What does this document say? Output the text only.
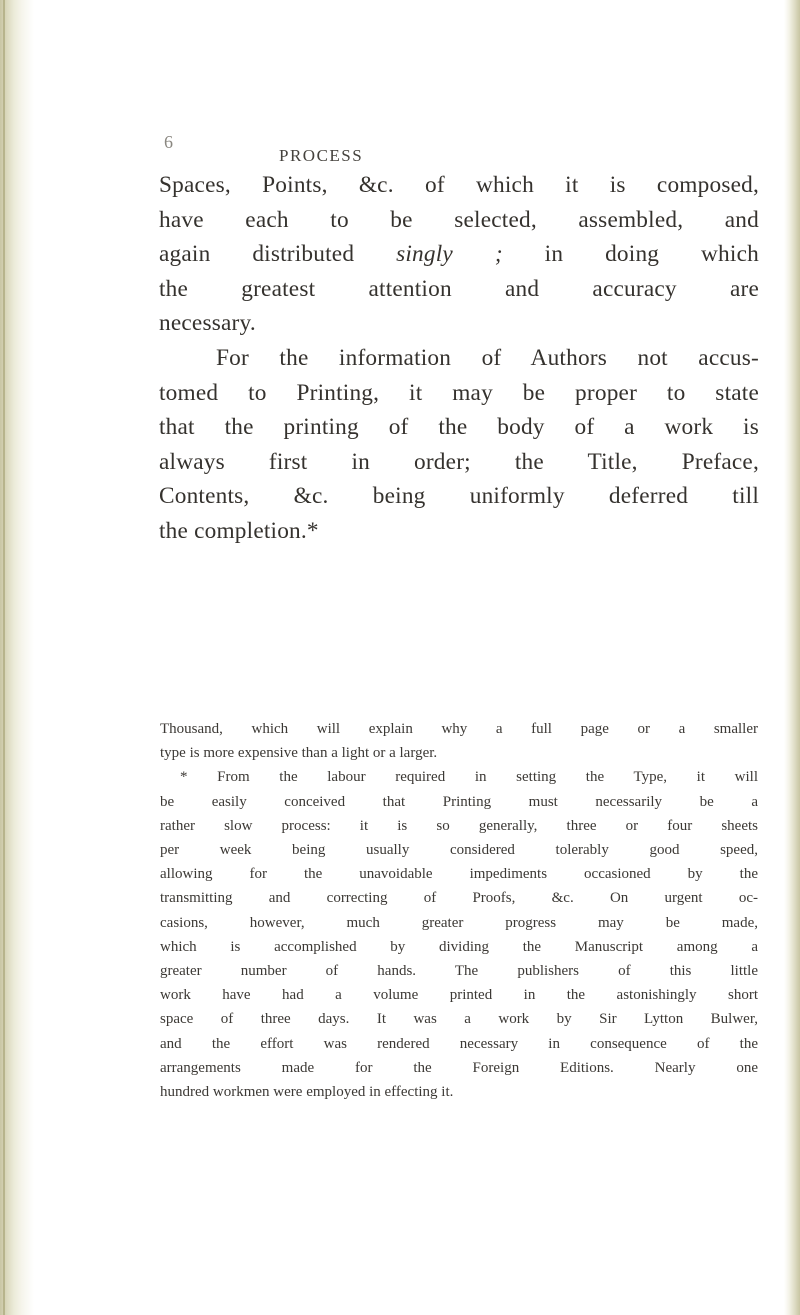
6
PROCESS

Spaces, Points, &c. of which it is composed,
have each to be selected, assembled, and
again distributed singly ; in doing which
the greatest attention and accuracy are
necessary.

For the information of Authors not accus-
tomed to Printing, it may be proper to state
that the printing of the body of a work is
always first in order; the Title, Preface,
Contents, &c. being uniformly deferred till
the completion.*

Thousand, which will explain why a full page or a smaller
type is more expensive than a light or a larger.
* From the labour required in setting the Type, it will
be easily conceived that Printing must necessarily be a
rather slow process: it is so generally, three or four sheets
per week being usually considered tolerably good speed,
allowing for the unavoidable impediments occasioned by the
transmitting and correcting of Proofs, &c. On urgent oc-
casions, however, much greater progress may be made,
which is accomplished by dividing the Manuscript among a
greater number of hands. The publishers of this little
work have had a volume printed in the astonishingly short
space of three days. It was a work by Sir Lytton Bulwer,
and the effort was rendered necessary in consequence of the
arrangements made for the Foreign Editions. Nearly one
hundred workmen were employed in effecting it.
